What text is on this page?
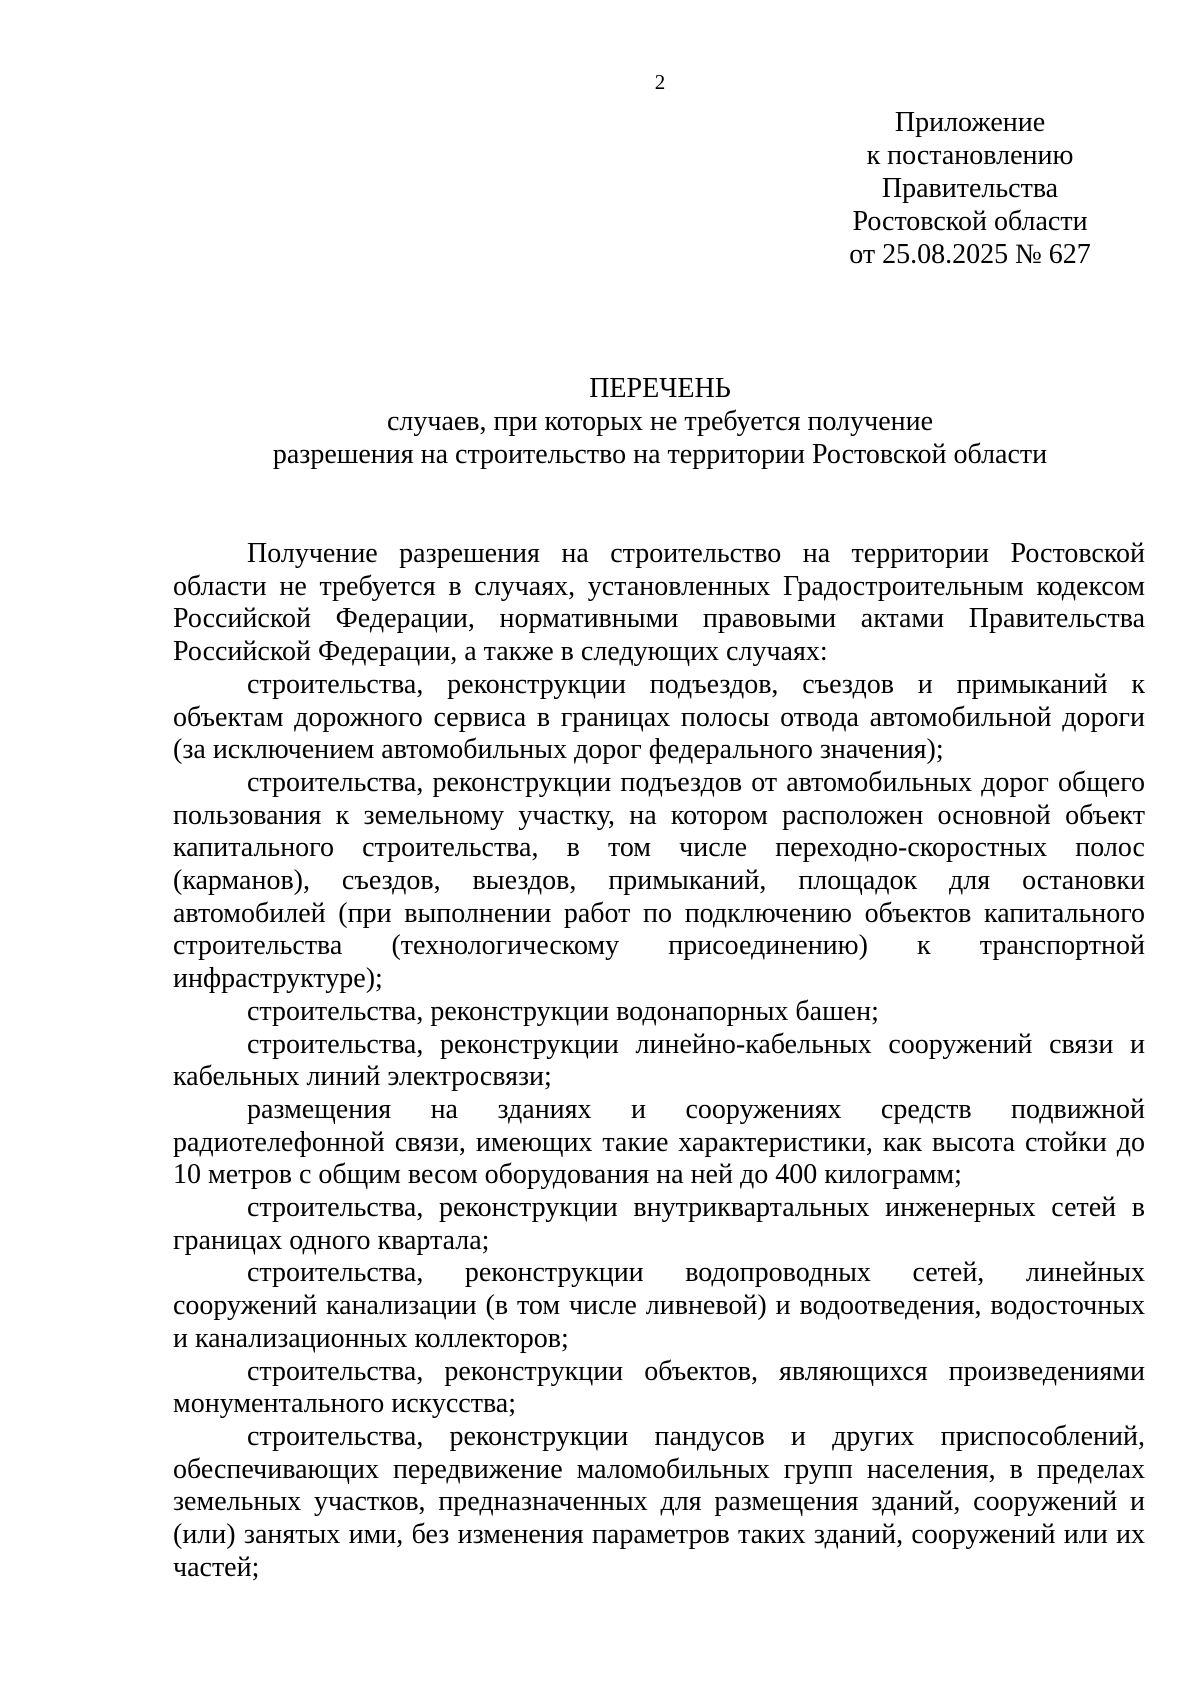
2
Приложение
к постановлению
Правительства
Ростовской области
от 25.08.2025 № 627
ПЕРЕЧЕНЬ
случаев, при которых не требуется получение
разрешения на строительство на территории Ростовской области

Получение разрешения на строительство на территории Ростовской области не требуется в случаях, установленных Градостроительным кодексом Российской Федерации, нормативными правовыми актами Правительства Российской Федерации, а также в следующих случаях:

строительства, реконструкции подъездов, съездов и примыканий к объектам дорожного сервиса в границах полосы отвода автомобильной дороги (за исключением автомобильных дорог федерального значения);

строительства, реконструкции подъездов от автомобильных дорог общего пользования к земельному участку, на котором расположен основной объект капитального строительства, в том числе переходно-скоростных полос (карманов), съездов, выездов, примыканий, площадок для остановки автомобилей (при выполнении работ по подключению объектов капитального строительства (технологическому присоединению) к транспортной инфраструктуре);

строительства, реконструкции водонапорных башен;

строительства, реконструкции линейно-кабельных сооружений связи и кабельных линий электросвязи;

размещения на зданиях и сооружениях средств подвижной радиотелефонной связи, имеющих такие характеристики, как высота стойки до 10 метров с общим весом оборудования на ней до 400 килограмм;

строительства, реконструкции внутриквартальных инженерных сетей в границах одного квартала;

строительства, реконструкции водопроводных сетей, линейных сооружений канализации (в том числе ливневой) и водоотведения, водосточных и канализационных коллекторов;

строительства, реконструкции объектов, являющихся произведениями монументального искусства;

строительства, реконструкции пандусов и других приспособлений, обеспечивающих передвижение маломобильных групп населения, в пределах земельных участков, предназначенных для размещения зданий, сооружений и (или) занятых ими, без изменения параметров таких зданий, сооружений или их частей;
